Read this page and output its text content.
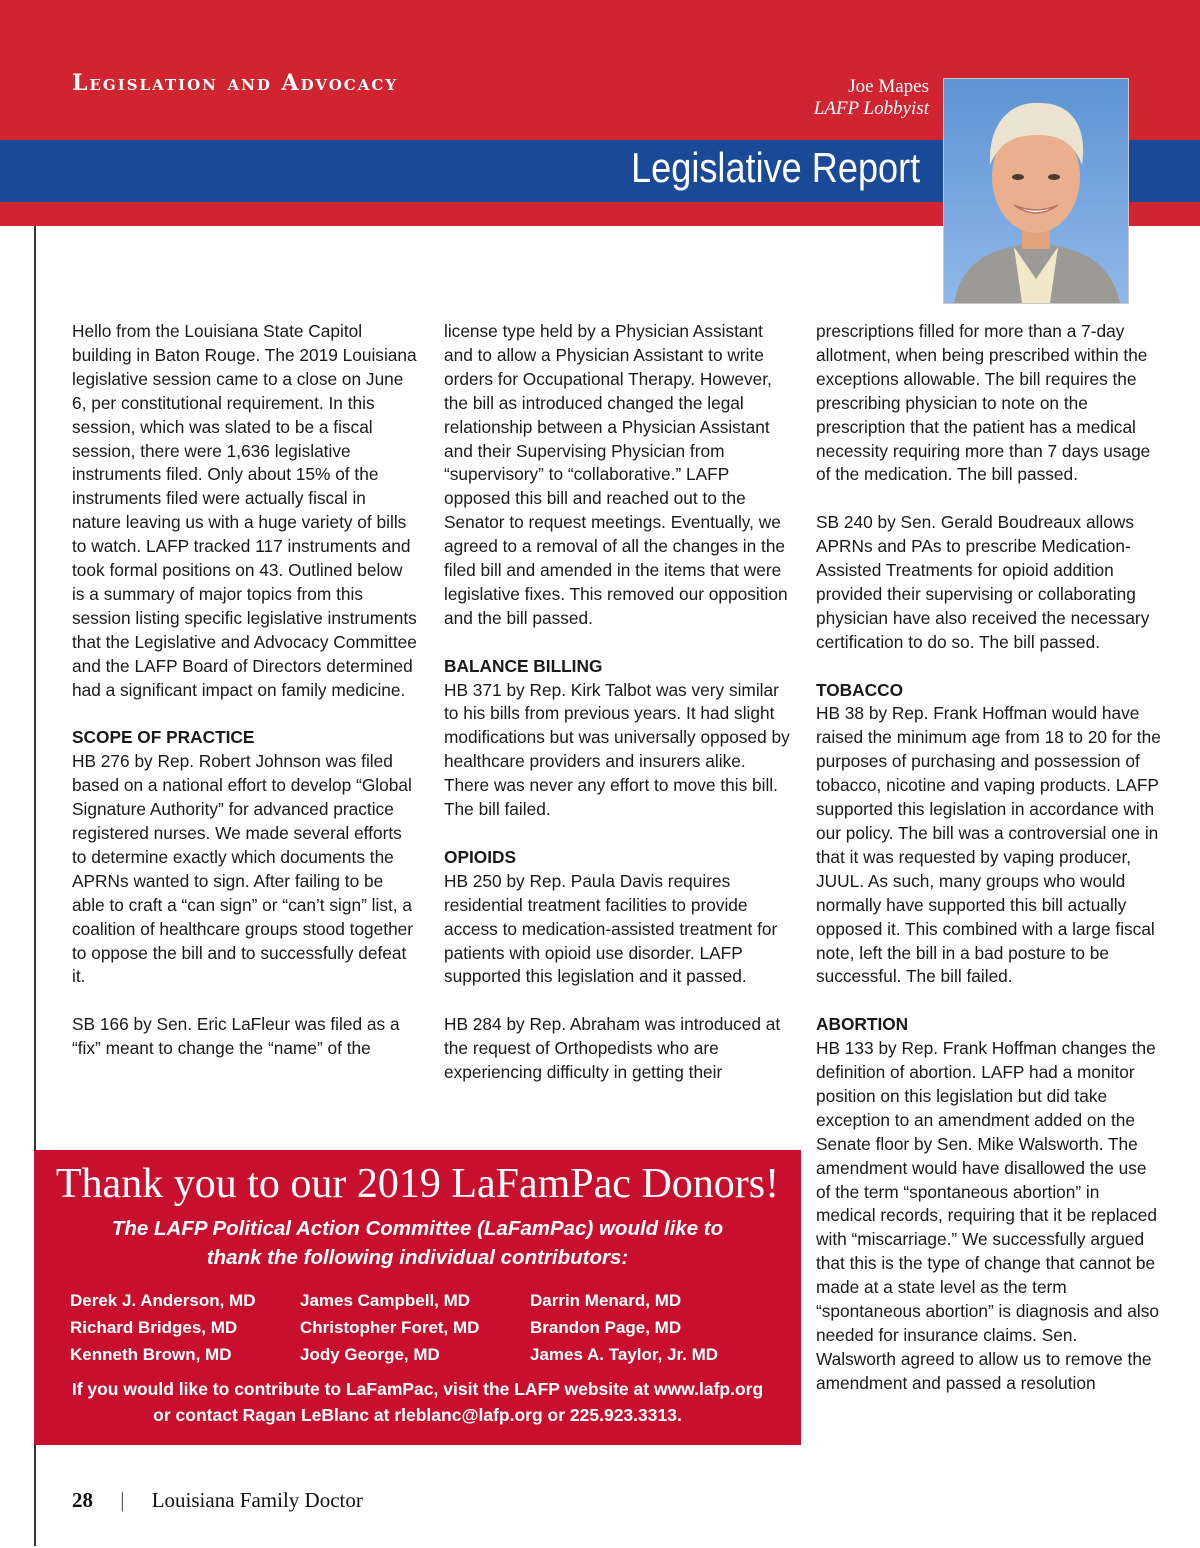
Legislation and Advocacy	Joe Mapes

LAFP Lobbyist

Legislative Report

Hello from the Louisiana State Capitol building in Baton Rouge. The 2019 Louisiana legislative session came to a close on June 6, per constitutional requirement. In this session, which was slated to be a fiscal session, there were 1,636 legislative instruments filed. Only about 15% of the instruments filed were actually fiscal in nature leaving us with a huge variety of bills to watch. LAFP tracked 117 instruments and took formal positions on 43. Outlined below is a summary of major topics from this session listing specific legislative instruments that the Legislative and Advocacy Committee and the LAFP Board of Directors determined had a significant impact on family medicine.

SCOPE OF PRACTICE

HB 276 by Rep. Robert Johnson was filed based on a national effort to develop “Global Signature Authority” for advanced practice registered nurses. We made several efforts to determine exactly which documents the APRNs wanted to sign. After failing to be able to craft a “can sign” or “can’t sign” list, a coalition of healthcare groups stood together to oppose the bill and to successfully defeat it.

SB 166 by Sen. Eric LaFleur was filed as a “fix” meant to change the “name” of the

license type held by a Physician Assistant and to allow a Physician Assistant to write orders for Occupational Therapy. However, the bill as introduced changed the legal relationship between a Physician Assistant and their Supervising Physician from “supervisory” to “collaborative.” LAFP opposed this bill and reached out to the Senator to request meetings. Eventually, we agreed to a removal of all the changes in the filed bill and amended in the items that were legislative fixes. This removed our opposition and the bill passed.

BALANCE BILLING

HB 371 by Rep. Kirk Talbot was very similar to his bills from previous years. It had slight modifications but was universally opposed by healthcare providers and insurers alike. There was never any effort to move this bill. The bill failed.

OPIOIDS

HB 250 by Rep. Paula Davis requires residential treatment facilities to provide access to medication-assisted treatment for patients with opioid use disorder. LAFP supported this legislation and it passed.

HB 284 by Rep. Abraham was introduced at the request of Orthopedists who are experiencing difficulty in getting their

prescriptions filled for more than a 7-day allotment, when being prescribed within the exceptions allowable. The bill requires the prescribing physician to note on the prescription that the patient has a medical necessity requiring more than 7 days usage of the medication. The bill passed.

SB 240 by Sen. Gerald Boudreaux allows APRNs and PAs to prescribe Medication-Assisted Treatments for opioid addition provided their supervising or collaborating physician have also received the necessary certification to do so. The bill passed.

TOBACCO

HB 38 by Rep. Frank Hoffman would have raised the minimum age from 18 to 20 for the purposes of purchasing and possession of tobacco, nicotine and vaping products. LAFP supported this legislation in accordance with our policy. The bill was a controversial one in that it was requested by vaping producer, JUUL. As such, many groups who would normally have supported this bill actually opposed it. This combined with a large fiscal note, left the bill in a bad posture to be successful. The bill failed.

ABORTION

HB 133 by Rep. Frank Hoffman changes the definition of abortion. LAFP had a monitor position on this legislation but did take exception to an amendment added on the Senate floor by Sen. Mike Walsworth. The amendment would have disallowed the use of the term “spontaneous abortion” in medical records, requiring that it be replaced with “miscarriage.” We successfully argued that this is the type of change that cannot be made at a state level as the term “spontaneous abortion” is diagnosis and also needed for insurance claims. Sen. Walsworth agreed to allow us to remove the amendment and passed a resolution

Thank you to our 2019 LaFamPac Donors!

The LAFP Political Action Committee (LaFamPac) would like to
thank the following individual contributors:

Derek J. Anderson, MD
Richard Bridges, MD
Kenneth Brown, MD
James Campbell, MD
Christopher Foret, MD
Jody George, MD
Darrin Menard, MD
Brandon Page, MD
James A. Taylor, Jr. MD

If you would like to contribute to LaFamPac, visit the LAFP website at www.lafp.org
or contact Ragan LeBlanc at rleblanc@lafp.org or 225.923.3313.

28 | Louisiana Family Doctor
